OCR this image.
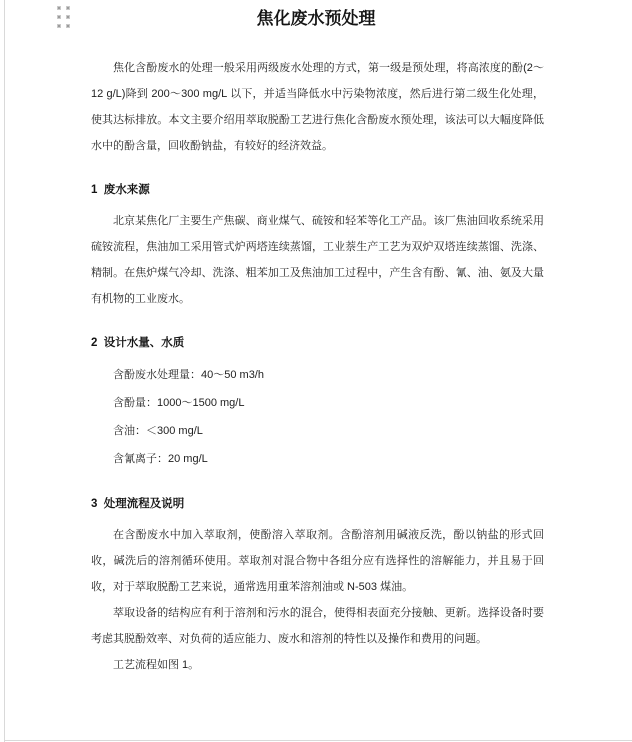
焦化废水预处理

焦化含酚废水的处理一般采用两级废水处理的方式，第一级是预处理，将高浓度的酚(2～12 g/L)降到 200～300 mg/L 以下，并适当降低水中污染物浓度，然后进行第二级生化处理，使其达标排放。本文主要介绍用萃取脱酚工艺进行焦化含酚废水预处理，该法可以大幅度降低水中的酚含量，回收酚钠盐，有较好的经济效益。

1  废水来源

北京某焦化厂主要生产焦碳、商业煤气、硫铵和轻苯等化工产品。该厂焦油回收系统采用硫铵流程，焦油加工采用管式炉两塔连续蒸馏，工业萘生产工艺为双炉双塔连续蒸馏、洗涤、精制。在焦炉煤气冷却、洗涤、粗苯加工及焦油加工过程中，产生含有酚、氰、油、氨及大量有机物的工业废水。

2  设计水量、水质

含酚废水处理量：40～50 m3/h

含酚量：1000～1500 mg/L

含油：＜300 mg/L

含氰离子：20 mg/L

3  处理流程及说明

在含酚废水中加入萃取剂，使酚溶入萃取剂。含酚溶剂用碱液反洗，酚以钠盐的形式回收，碱洗后的溶剂循环使用。萃取剂对混合物中各组分应有选择性的溶解能力，并且易于回收，对于萃取脱酚工艺来说，通常选用重苯溶剂油或 N-503 煤油。

萃取设备的结构应有利于溶剂和污水的混合，使得相表面充分接触、更新。选择设备时要考虑其脱酚效率、对负荷的适应能力、废水和溶剂的特性以及操作和费用的问题。

工艺流程如图 1。
